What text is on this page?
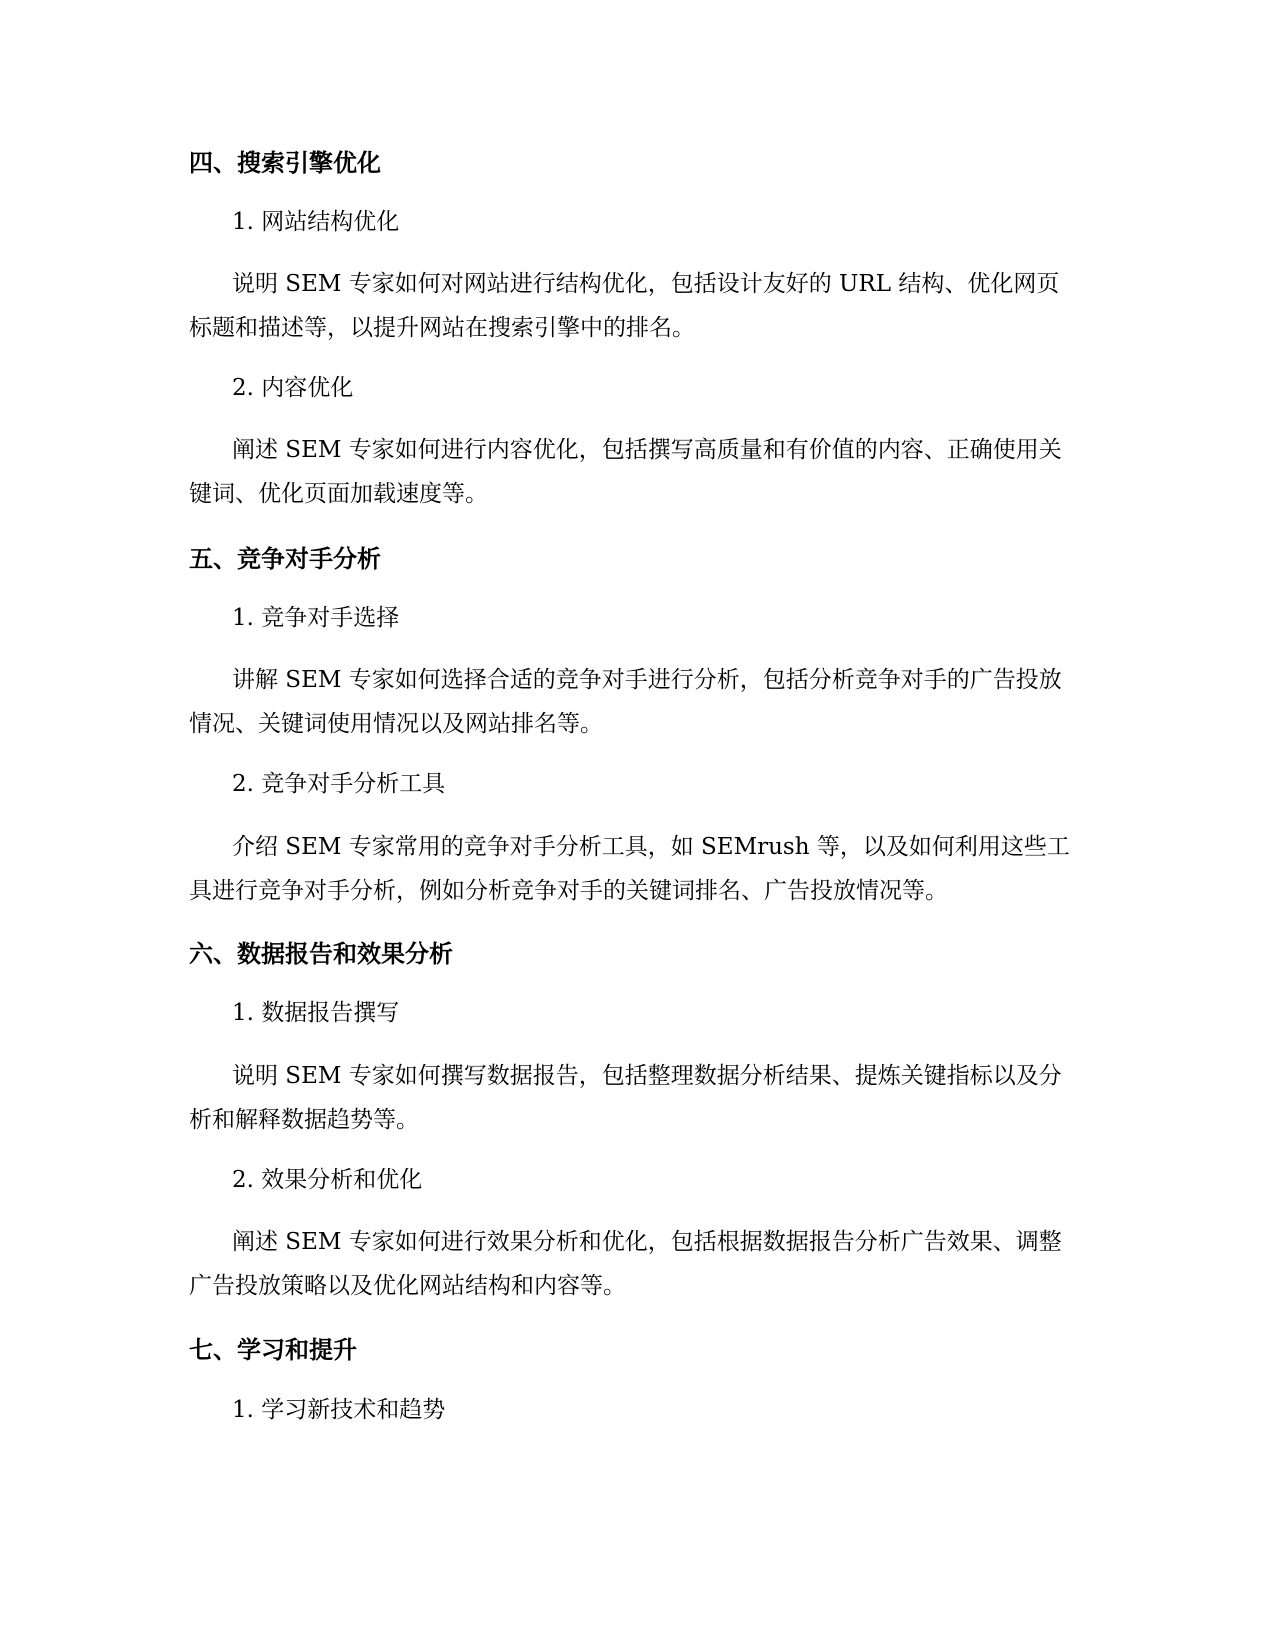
四、搜索引擎优化

1. 网站结构优化

说明 SEM 专家如何对网站进行结构优化，包括设计友好的 URL 结构、优化网页标题和描述等，以提升网站在搜索引擎中的排名。

2. 内容优化

阐述 SEM 专家如何进行内容优化，包括撰写高质量和有价值的内容、正确使用关键词、优化页面加载速度等。

五、竞争对手分析

1. 竞争对手选择

讲解 SEM 专家如何选择合适的竞争对手进行分析，包括分析竞争对手的广告投放情况、关键词使用情况以及网站排名等。

2. 竞争对手分析工具

介绍 SEM 专家常用的竞争对手分析工具，如 SEMrush 等，以及如何利用这些工具进行竞争对手分析，例如分析竞争对手的关键词排名、广告投放情况等。

六、数据报告和效果分析

1. 数据报告撰写

说明 SEM 专家如何撰写数据报告，包括整理数据分析结果、提炼关键指标以及分析和解释数据趋势等。

2. 效果分析和优化

阐述 SEM 专家如何进行效果分析和优化，包括根据数据报告分析广告效果、调整广告投放策略以及优化网站结构和内容等。

七、学习和提升

1. 学习新技术和趋势
